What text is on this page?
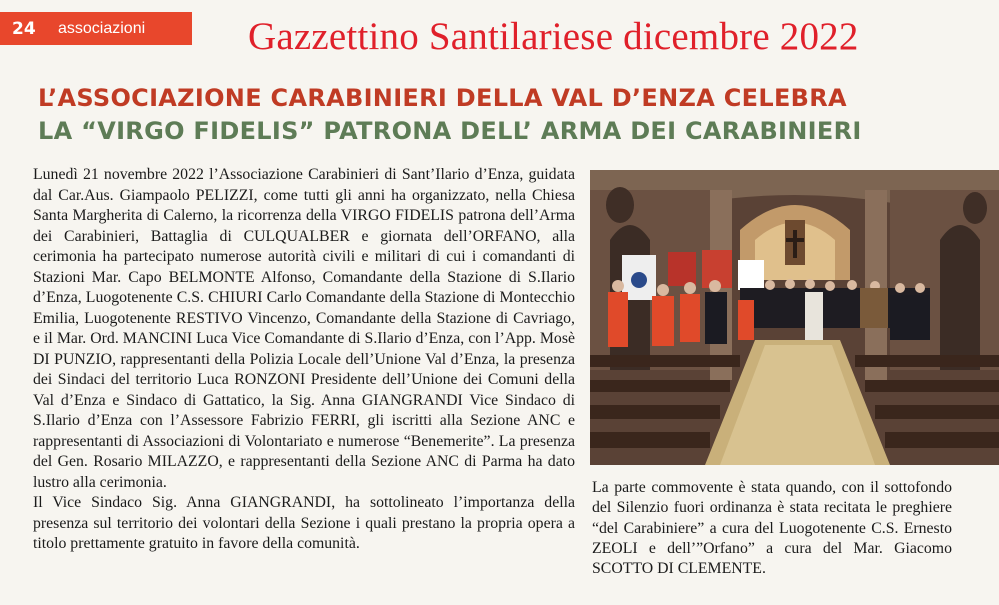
24	associazioni	Gazzettino Santilariese dicembre 2022
L’ASSOCIAZIONE CARABINIERI DELLA VAL D’ENZA CELEBRA
LA “VIRGO FIDELIS” PATRONA DELL’ ARMA DEI CARABINIERI

Lunedì 21 novembre 2022 l’Associazione Carabinieri di Sant’Ilario d’Enza, guidata dal Car.Aus. Giampaolo PELIZZI, come tutti gli anni ha organizzato, nella Chiesa Santa Margherita di Calerno, la ricorrenza della VIRGO FIDELIS patrona dell’Arma dei Carabinieri, Battaglia di CULQUALBER e giornata dell’ORFANO, alla cerimonia ha partecipato numerose autorità civili e militari di cui i comandanti di Stazioni Mar. Capo BELMONTE Alfonso, Comandante della Stazione di S.Ilario d’Enza, Luogotenente C.S. CHIURI Carlo Comandante della Stazione di Montecchio Emilia, Luogotenente RESTIVO Vincenzo, Comandante della Stazione di Cavriago, e il Mar. Ord. MANCINI Luca Vice Comandante di S.Ilario d’Enza, con l’App. Mosè DI PUNZIO, rappresentanti della Polizia Locale dell’Unione Val d’Enza, la presenza dei Sindaci del territorio Luca RONZONI Presidente dell’Unione dei Comuni della Val d’Enza e Sindaco di Gattatico, la Sig. Anna GIANGRANDI Vice Sindaco di S.Ilario d’Enza con l’Assessore Fabrizio FERRI, gli iscritti alla Sezione ANC e rappresentanti di Associazioni di Volontariato e numerose “Benemerite”. La presenza del Gen. Rosario MILAZZO, e rappresentanti della Sezione ANC di Parma ha dato lustro alla cerimonia.

Il Vice Sindaco Sig. Anna GIANGRANDI, ha sottolineato l’importanza della presenza sul territorio dei volontari della Sezione i quali prestano la propria opera a titolo prettamente gratuito in favore della comunità.

La parte commovente è stata quando, con il sottofondo del Silenzio fuori ordinanza è stata recitata le preghiere “del Carabiniere” a cura del Luogotenente C.S. Ernesto ZEOLI e dell’”Orfano” a cura del Mar. Giacomo SCOTTO DI CLEMENTE.
